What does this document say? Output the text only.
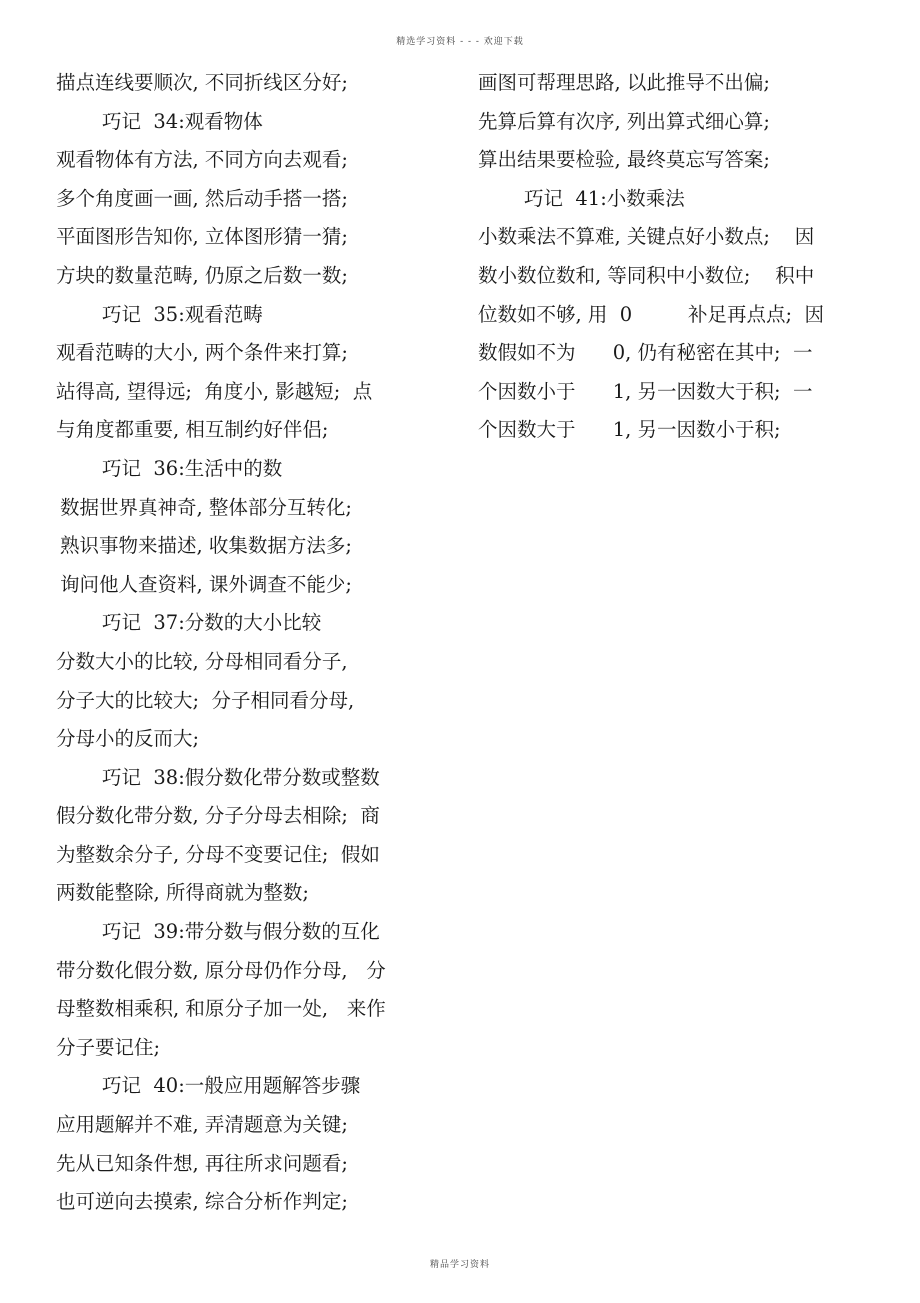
精选学习资料 - - - 欢迎下载
描点连线要顺次, 不同折线区分好;
巧记  34:观看物体
观看物体有方法, 不同方向去观看;
多个角度画一画, 然后动手搭一搭;
平面图形告知你, 立体图形猜一猜;
方块的数量范畴, 仍原之后数一数;
巧记  35:观看范畴
观看范畴的大小, 两个条件来打算;
站得高, 望得远;  角度小, 影越短;  点
与角度都重要, 相互制约好伴侣;
巧记  36:生活中的数
数据世界真神奇, 整体部分互转化;
熟识事物来描述, 收集数据方法多;
询问他人查资料, 课外调查不能少;
巧记  37:分数的大小比较
分数大小的比较, 分母相同看分子,
分子大的比较大;  分子相同看分母,
分母小的反而大;
巧记  38:假分数化带分数或整数
假分数化带分数, 分子分母去相除;  商
为整数余分子, 分母不变要记住;  假如
两数能整除, 所得商就为整数;
巧记  39:带分数与假分数的互化
带分数化假分数, 原分母仍作分母,   分
母整数相乘积, 和原分子加一处,   来作
分子要记住;
巧记  40:一般应用题解答步骤
应用题解并不难, 弄清题意为关键;
先从已知条件想, 再往所求问题看;
也可逆向去摸索, 综合分析作判定;
画图可帮理思路, 以此推导不出偏;
先算后算有次序, 列出算式细心算;
算出结果要检验, 最终莫忘写答案;
巧记  41:小数乘法
小数乘法不算难, 关键点好小数点;    因
数小数位数和, 等同积中小数位;    积中
位数如不够, 用  0         补足再点点;  因
数假如不为      0, 仍有秘密在其中;  一
个因数小于      1, 另一因数大于积;  一
个因数大于      1, 另一因数小于积;
精品学习资料
